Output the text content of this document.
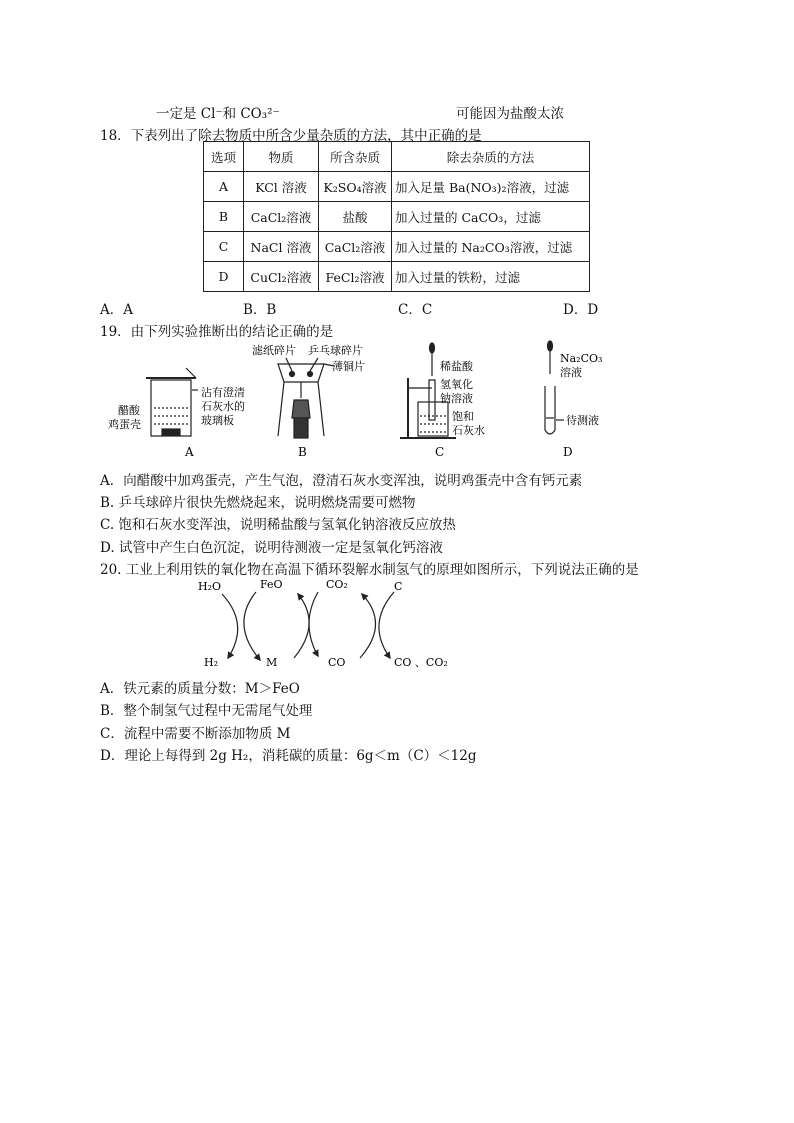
一定是 Cl⁻和 CO₃²⁻	可能因为盐酸太浓
18．下表列出了除去物质中所含少量杂质的方法，其中正确的是
选项	物质	所含杂质	除去杂质的方法
A	KCl 溶液	K₂SO₄溶液	加入足量 Ba(NO₃)₂溶液，过滤
B	CaCl₂溶液	盐酸	加入过量的 CaCO₃，过滤
C	NaCl 溶液	CaCl₂溶液	加入过量的 Na₂CO₃溶液，过滤
D	CuCl₂溶液	FeCl₂溶液	加入过量的铁粉，过滤
A．A	B．B	C．C	D．D
19．由下列实验推断出的结论正确的是
沾有澄清
石灰水的
玻璃板
醋酸
鸡蛋壳
滤纸碎片 乒乓球碎片
薄铜片	稀盐酸
氢氧化
钠溶液
饱和
石灰水
Na₂CO₃
溶液
待测液
A	B	C	D
A．向醋酸中加鸡蛋壳，产生气泡，澄清石灰水变浑浊，说明鸡蛋壳中含有钙元素
B. 乒乓球碎片很快先燃烧起来，说明燃烧需要可燃物
C. 饱和石灰水变浑浊，说明稀盐酸与氢氧化钠溶液反应放热
D. 试管中产生白色沉淀，说明待测液一定是氢氧化钙溶液
20. 工业上利用铁的氧化物在高温下循环裂解水制氢气的原理如图所示，下列说法正确的是
H₂O	FeO	CO₂	C
H₂	M	CO	CO 、CO₂
A．铁元素的质量分数：M＞FeO
B．整个制氢气过程中无需尾气处理
C．流程中需要不断添加物质 M
D．理论上每得到 2g H₂，消耗碳的质量：6g＜m（C）＜12g
